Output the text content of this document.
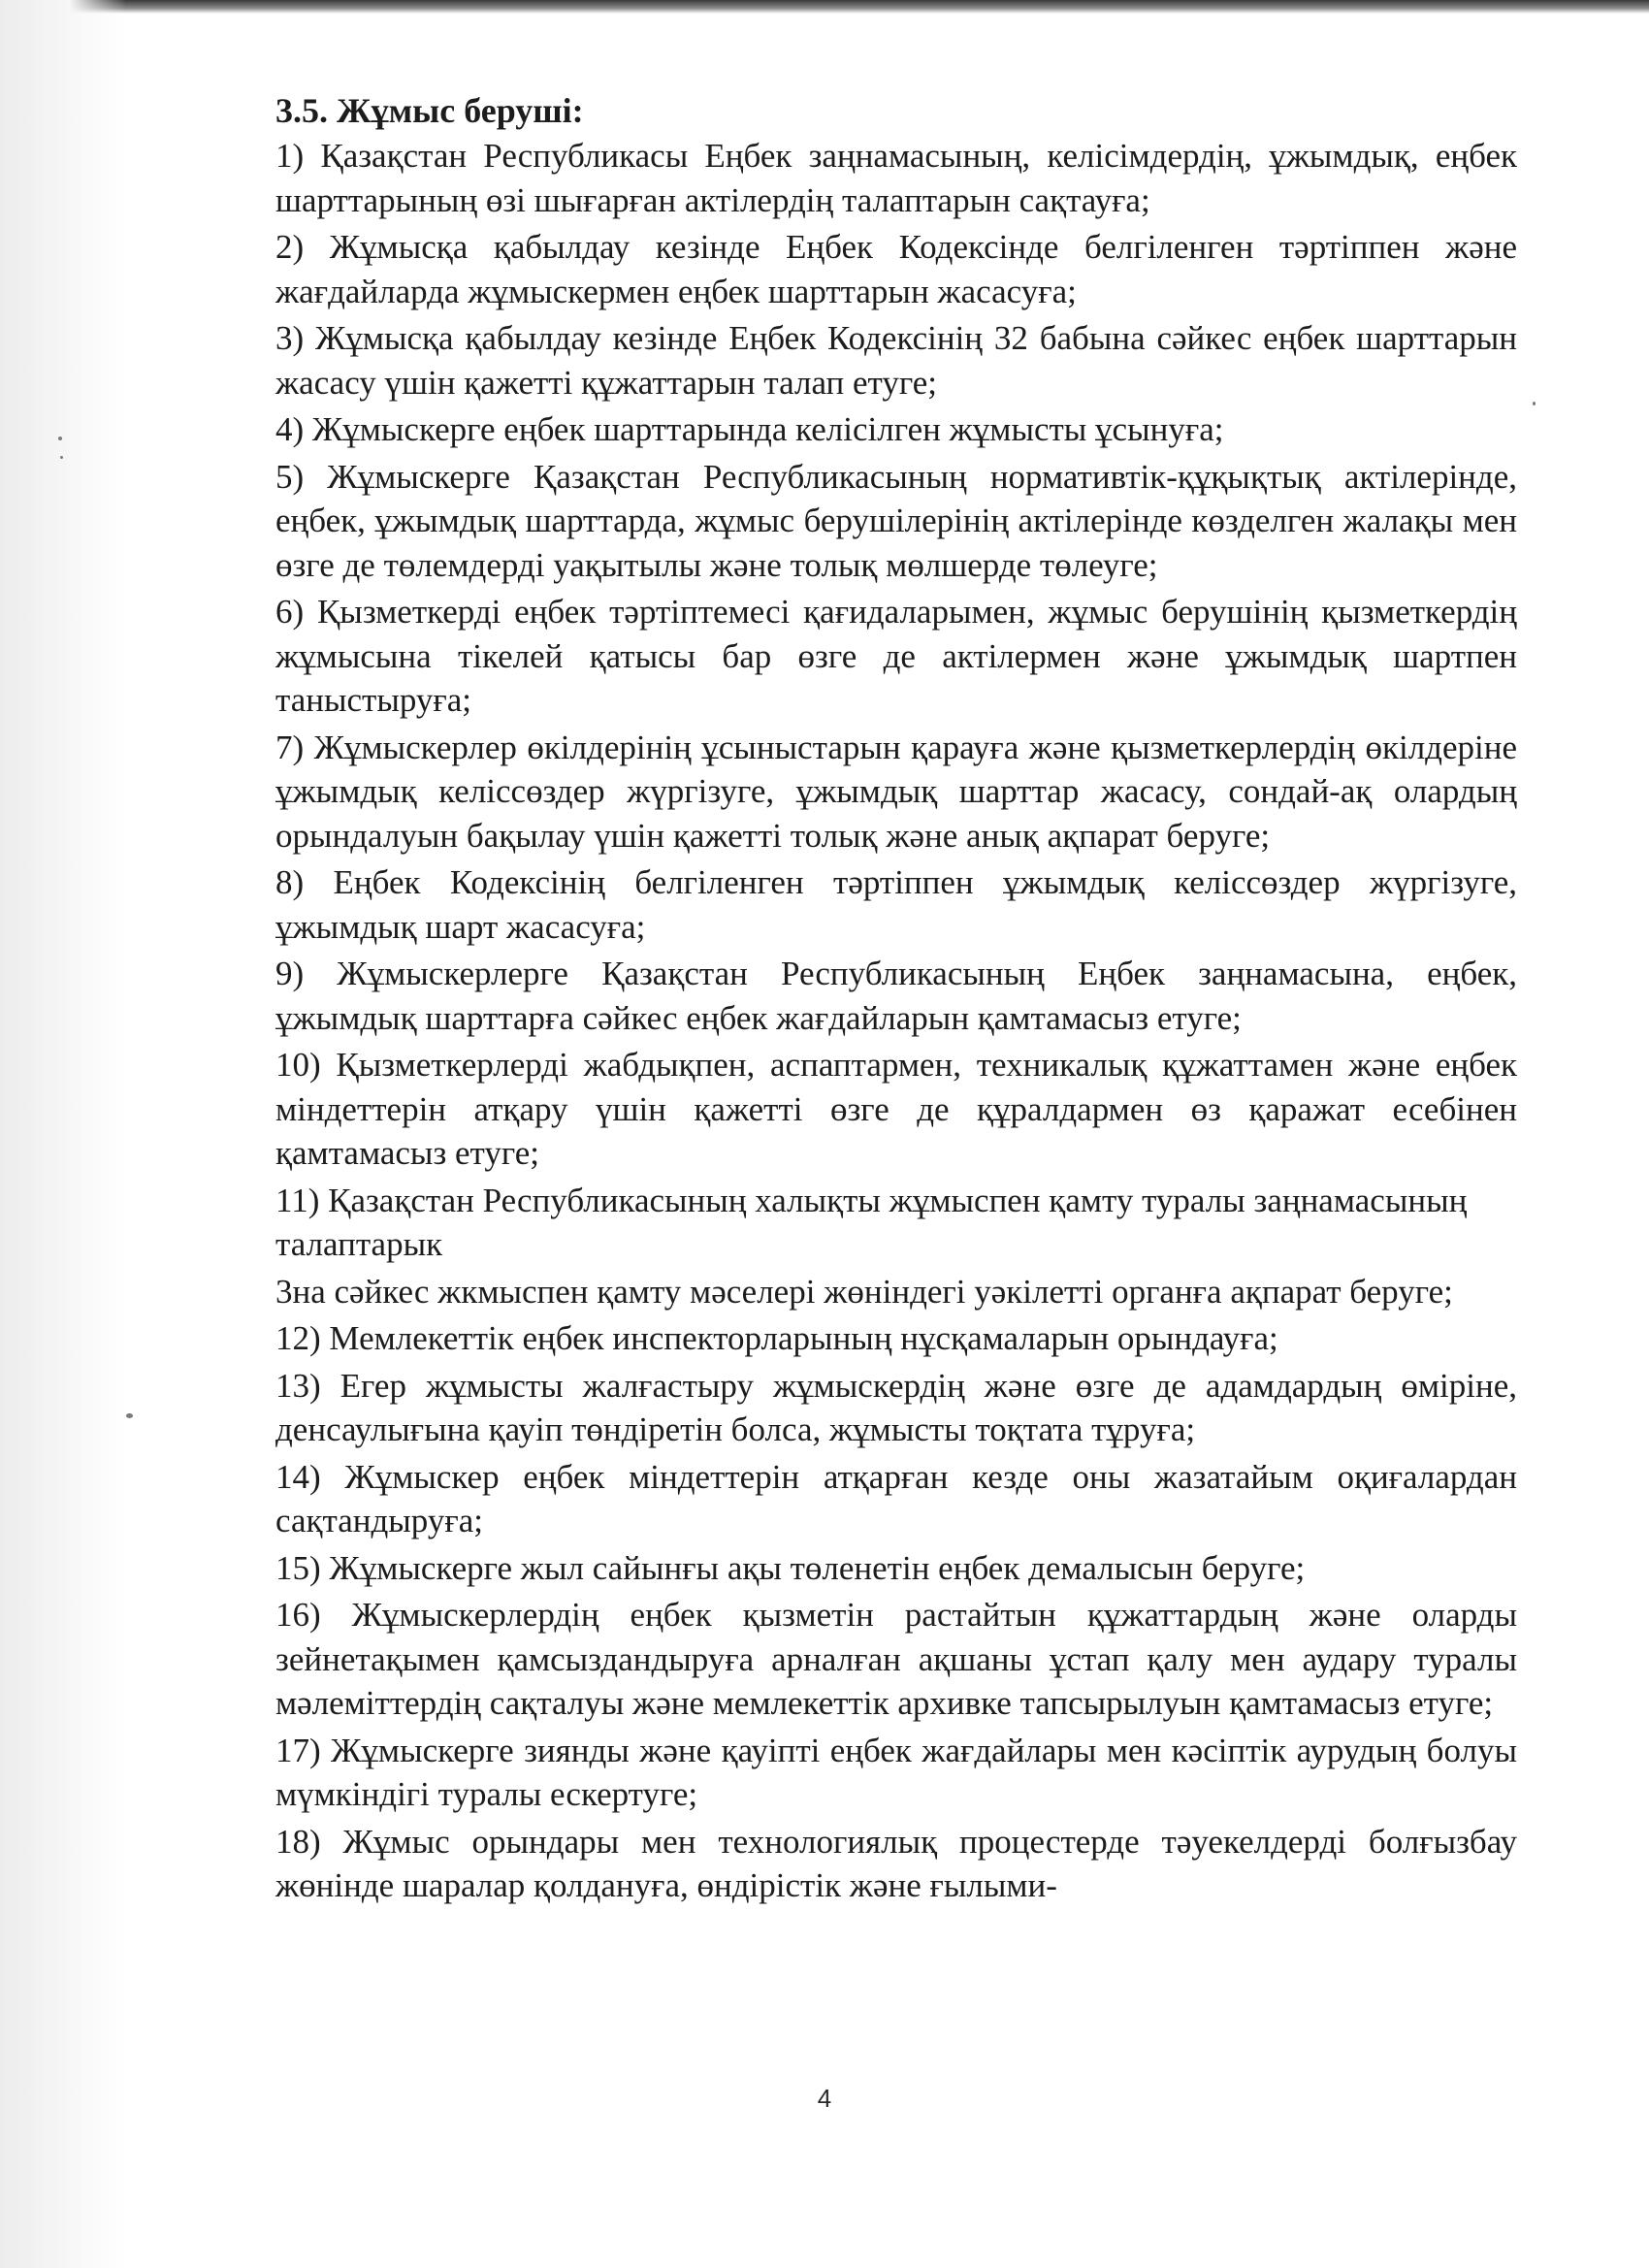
3.5. Жұмыс беруші:
1) Қазақстан Республикасы Еңбек заңнамасының, келісімдердің, ұжымдық, еңбек шарттарының өзі шығарған актілердің талаптарын сақтауға;
2) Жұмысқа қабылдау кезінде Еңбек Кодексінде белгіленген тәртіппен және жағдайларда жұмыскермен еңбек шарттарын жасасуға;
3) Жұмысқа қабылдау кезінде Еңбек Кодексінің 32 бабына сәйкес еңбек шарттарын жасасу үшін қажетті құжаттарын талап етуге;
4) Жұмыскерге еңбек шарттарында келісілген жұмысты ұсынуға;
5) Жұмыскерге Қазақстан Республикасының нормативтік-құқықтық актілерінде, еңбек, ұжымдық шарттарда, жұмыс берушілерінің актілерінде көзделген жалақы мен өзге де төлемдерді уақытылы және толық мөлшерде төлеуге;
6) Қызметкерді еңбек тәртіптемесі қағидаларымен, жұмыс берушінің қызметкердің жұмысына тікелей қатысы бар өзге де актілермен және ұжымдық шартпен таныстыруға;
7) Жұмыскерлер өкілдерінің ұсыныстарын қарауға және қызметкерлердің өкілдеріне ұжымдық келіссөздер жүргізуге, ұжымдық шарттар жасасу, сондай-ақ олардың орындалуын бақылау үшін қажетті толық және анық ақпарат беруге;
8) Еңбек Кодексінің белгіленген тәртіппен ұжымдық келіссөздер жүргізуге, ұжымдық шарт жасасуға;
9) Жұмыскерлерге Қазақстан Республикасының Еңбек заңнамасына, еңбек, ұжымдық шарттарға сәйкес еңбек жағдайларын қамтамасыз етуге;
10) Қызметкерлерді жабдықпен, аспаптармен, техникалық құжаттамен және еңбек міндеттерін атқару үшін қажетті өзге де құралдармен өз қаражат есебінен қамтамасыз етуге;
11) Қазақстан Республикасының халықты жұмыспен қамту туралы заңнамасының талаптарык
3на сәйкес жкмыспен қамту мәселері жөніндегі уәкілетті органға ақпарат беруге;
12) Мемлекеттік еңбек инспекторларының нұсқамаларын орындауға;
13) Егер жұмысты жалғастыру жұмыскердің және өзге де адамдардың өміріне, денсаулығына қауіп төндіретін болса, жұмысты тоқтата тұруға;
14) Жұмыскер еңбек міндеттерін атқарған кезде оны жазатайым оқиғалардан сақтандыруға;
15) Жұмыскерге жыл сайынғы ақы төленетін еңбек демалысын беруге;
16) Жұмыскерлердің еңбек қызметін растайтын құжаттардың және оларды зейнетақымен қамсыздандыруға арналған ақшаны ұстап қалу мен аудару туралы мәлеміттердің сақталуы және мемлекеттік архивке тапсырылуын қамтамасыз етуге;
17) Жұмыскерге зиянды және қауіпті еңбек жағдайлары мен кәсіптік аурудың болуы мүмкіндігі туралы ескертуге;
18) Жұмыс орындары мен технологиялық процестерде тәуекелдерді болғызбау жөнінде шаралар қолдануға, өндірістік және ғылыми-
4
